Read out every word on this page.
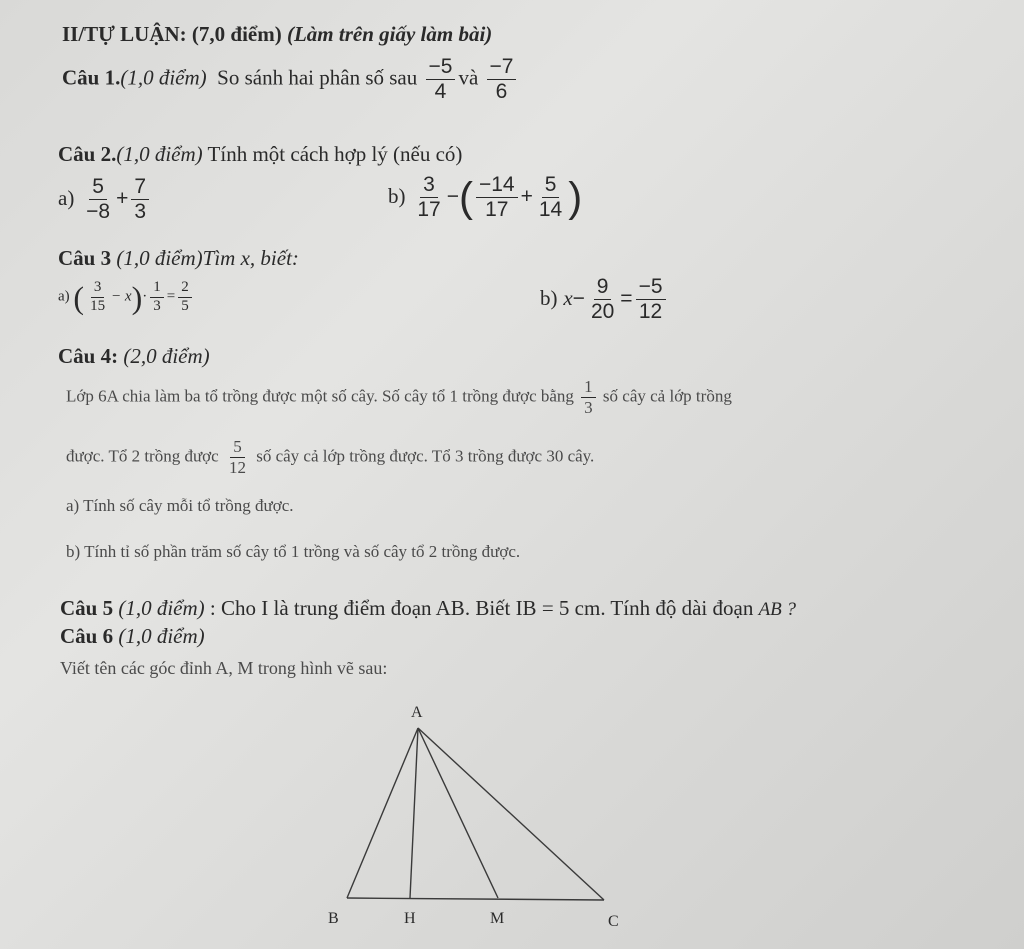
II/TỰ LUẬN: (7,0 điểm) (Làm trên giấy làm bài)
Câu 1.(1,0 điểm) So sánh hai phân số sau $\frac{-5}{4}$ và $\frac{-7}{6}$
Câu 2.(1,0 điểm) Tính một cách hợp lý (nếu có)
$a) \frac{5}{-8} + \frac{7}{3}$	$b) \frac{3}{17}$ −( $\frac{-14}{17} + \frac{5}{14}$ )
Câu 3 (1,0 điểm)Tìm x, biết:
a) ( $\frac{3}{15} - x)\cdot \frac{1}{3} = \frac{2}{5}$	b) $x- \frac{9}{20} = \frac{-5}{12}$
Câu 4: (2,0 điểm)
Lớp 6A chia làm ba tổ trồng được một số cây. Số cây tổ 1 trồng được bằng $\frac{1}{3}$ số cây cả lớp trồng
được. Tổ 2 trồng được $\frac{5}{12}$ số cây cả lớp trồng được. Tổ 3 trồng được 30 cây.
a) Tính số cây mỗi tổ trồng được.
b) Tính tỉ số phần trăm số cây tổ 1 trồng và số cây tổ 2 trồng được.
Câu 5 (1,0 điểm) : Cho I là trung điểm đoạn AB. Biết IB = 5 cm. Tính độ dài đoạn AB ?
Câu 6 (1,0 điểm)
Viết tên các góc đỉnh A, M trong hình vẽ sau:
A
B	H	M	C
